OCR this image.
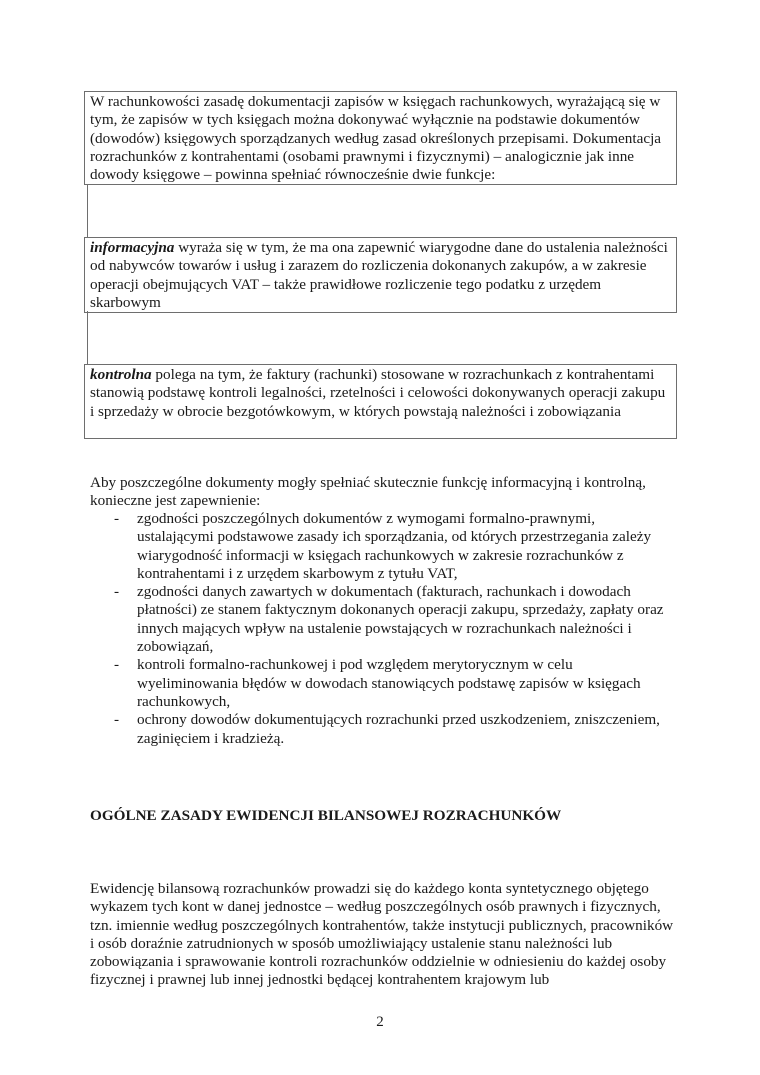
W rachunkowości zasadę dokumentacji zapisów w księgach rachunkowych, wyrażającą się w tym, że zapisów w tych księgach można dokonywać wyłącznie na podstawie dokumentów (dowodów) księgowych sporządzanych według zasad określonych przepisami. Dokumentacja rozrachunków z kontrahentami (osobami prawnymi i fizycznymi) – analogicznie jak inne dowody księgowe – powinna spełniać równocześnie dwie funkcje:

informacyjna wyraża się w tym, że ma ona zapewnić wiarygodne dane do ustalenia należności od nabywców towarów i usług i zarazem do rozliczenia dokonanych zakupów, a w zakresie operacji obejmujących VAT – także prawidłowe rozliczenie tego podatku z urzędem skarbowym

kontrolna polega na tym, że faktury (rachunki) stosowane w rozrachunkach z kontrahentami stanowią podstawę kontroli legalności, rzetelności i celowości dokonywanych operacji zakupu i sprzedaży w obrocie bezgotówkowym, w których powstają należności i zobowiązania

Aby poszczególne dokumenty mogły spełniać skutecznie funkcję informacyjną i kontrolną, konieczne jest zapewnienie:

- zgodności poszczególnych dokumentów z wymogami formalno-prawnymi, ustalającymi podstawowe zasady ich sporządzania, od których przestrzegania zależy wiarygodność informacji w księgach rachunkowych w zakresie rozrachunków z kontrahentami i z urzędem skarbowym z tytułu VAT,
- zgodności danych zawartych w dokumentach (fakturach, rachunkach i dowodach płatności) ze stanem faktycznym dokonanych operacji zakupu, sprzedaży, zapłaty oraz innych mających wpływ na ustalenie powstających w rozrachunkach należności i zobowiązań,
- kontroli formalno-rachunkowej i pod względem merytorycznym w celu wyeliminowania błędów w dowodach stanowiących podstawę zapisów w księgach rachunkowych,
- ochrony dowodów dokumentujących rozrachunki przed uszkodzeniem, zniszczeniem, zaginięciem i kradzieżą.
OGÓLNE ZASADY EWIDENCJI BILANSOWEJ ROZRACHUNKÓW

Ewidencję bilansową rozrachunków prowadzi się do każdego konta syntetycznego objętego wykazem tych kont w danej jednostce – według poszczególnych osób prawnych i fizycznych, tzn. imiennie według poszczególnych kontrahentów, także instytucji publicznych, pracowników i osób doraźnie zatrudnionych w sposób umożliwiający ustalenie stanu należności lub zobowiązania i sprawowanie kontroli rozrachunków oddzielnie w odniesieniu do każdej osoby fizycznej i prawnej lub innej jednostki będącej kontrahentem krajowym lub

2
